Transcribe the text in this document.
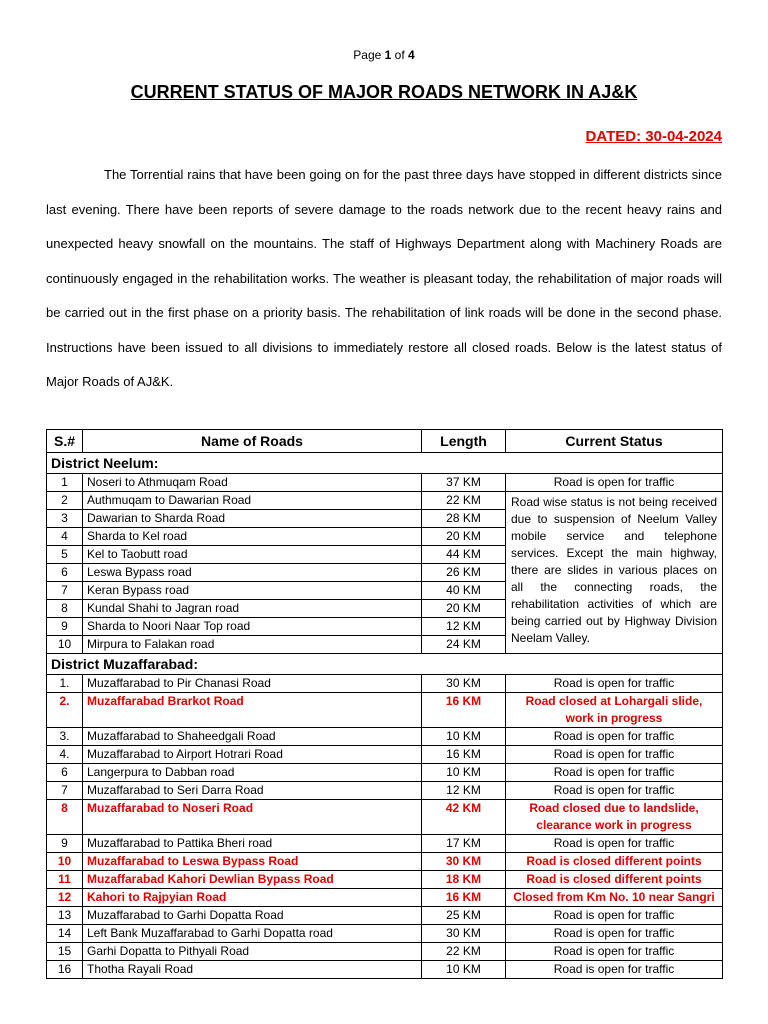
Page 1 of 4
CURRENT STATUS OF MAJOR ROADS NETWORK IN AJ&K
DATED: 30-04-2024

The Torrential rains that have been going on for the past three days have stopped in different districts since last evening. There have been reports of severe damage to the roads network due to the recent heavy rains and unexpected heavy snowfall on the mountains. The staff of Highways Department along with Machinery Roads are continuously engaged in the rehabilitation works. The weather is pleasant today, the rehabilitation of major roads will be carried out in the first phase on a priority basis. The rehabilitation of link roads will be done in the second phase. Instructions have been issued to all divisions to immediately restore all closed roads. Below is the latest status of Major Roads of AJ&K.

S.#	Name of Roads	Length	Current Status
District Neelum:			
1	Noseri to Athmuqam Road	37 KM	Road is open for traffic
2	Authmuqam to Dawarian Road	22 KM	Road wise status is not being received due to suspension of Neelum Valley mobile service and telephone services. Except the main highway, there are slides in various places on all the connecting roads, the rehabilitation activities of which are being carried out by Highway Division Neelam Valley.
3	Dawarian to Sharda Road	28 KM	
4	Sharda to Kel road	20 KM	
5	Kel to Taobutt road	44 KM	
6	Leswa Bypass road	26 KM	
7	Keran Bypass road	40 KM	
8	Kundal Shahi to Jagran road	20 KM	
9	Sharda to Noori Naar Top road	12 KM	
10	Mirpura to Falakan road	24 KM	
District Muzaffarabad:			
1.	Muzaffarabad to Pir Chanasi Road	30 KM	Road is open for traffic
2.	Muzaffarabad Brarkot Road	16 KM	Road closed at Lohargali slide, work in progress
3.	Muzaffarabad to Shaheedgali Road	10 KM	Road is open for traffic
4.	Muzaffarabad to Airport Hotrari Road	16 KM	Road is open for traffic
6	Langerpura to Dabban road	10 KM	Road is open for traffic
7	Muzaffarabad to Seri Darra Road	12 KM	Road is open for traffic
8	Muzaffarabad to Noseri Road	42 KM	Road closed due to landslide, clearance work in progress
9	Muzaffarabad to Pattika Bheri road	17 KM	Road is open for traffic
10	Muzaffarabad to Leswa Bypass Road	30 KM	Road is closed different points
11	Muzaffarabad Kahori Dewlian Bypass Road	18 KM	Road is closed different points
12	Kahori to Rajpyian Road	16 KM	Closed from Km No. 10 near Sangri
13	Muzaffarabad to Garhi Dopatta Road	25 KM	Road is open for traffic
14	Left Bank Muzaffarabad to Garhi Dopatta road	30 KM	Road is open for traffic
15	Garhi Dopatta to Pithyali Road	22 KM	Road is open for traffic
16	Thotha Rayali Road	10 KM	Road is open for traffic
